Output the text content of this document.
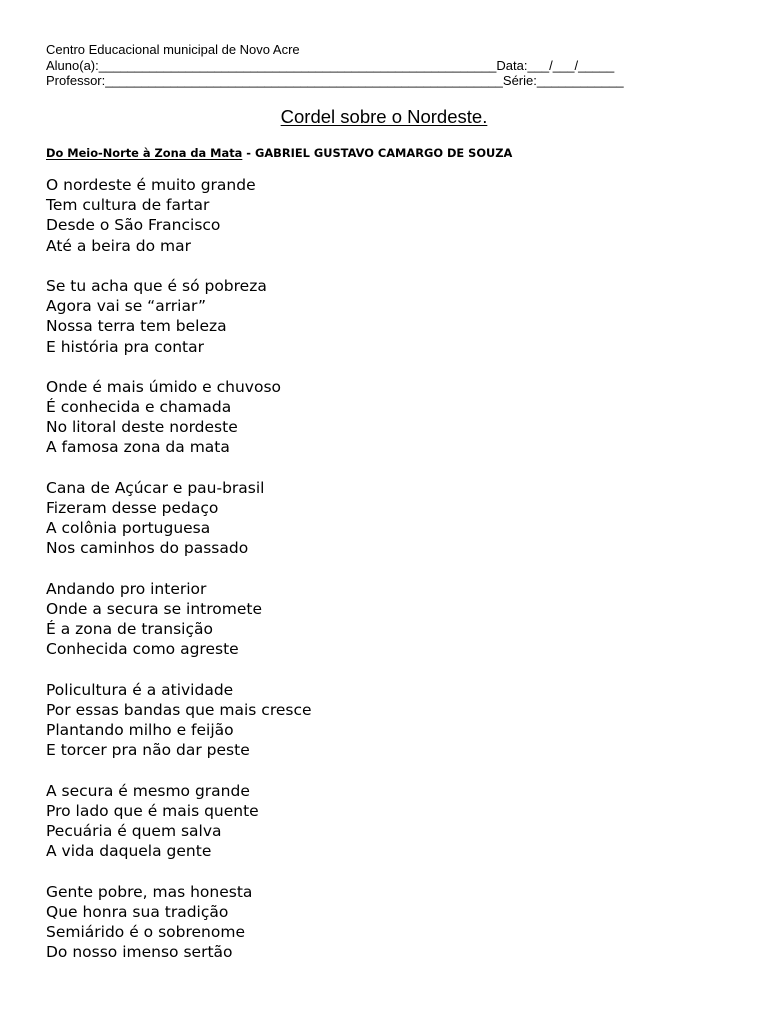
Centro Educacional municipal de Novo Acre
Aluno(a):_______________________________________________________Data:___/___/_____
Professor:_______________________________________________________Série:____________
Cordel sobre o Nordeste.
Do Meio-Norte à Zona da Mata - GABRIEL GUSTAVO CAMARGO DE SOUZA
O nordeste é muito grande
Tem cultura de fartar
Desde o São Francisco
Até a beira do mar
Se tu acha que é só pobreza
Agora vai se “arriar”
Nossa terra tem beleza
E história pra contar
Onde é mais úmido e chuvoso
É conhecida e chamada
No litoral deste nordeste
A famosa zona da mata
Cana de Açúcar e pau-brasil
Fizeram desse pedaço
A colônia portuguesa
Nos caminhos do passado
Andando pro interior
Onde a secura se intromete
É a zona de transição
Conhecida como agreste
Policultura é a atividade
Por essas bandas que mais cresce
Plantando milho e feijão
E torcer pra não dar peste
A secura é mesmo grande
Pro lado que é mais quente
Pecuária é quem salva
A vida daquela gente
Gente pobre, mas honesta
Que honra sua tradição
Semiárido é o sobrenome
Do nosso imenso sertão
